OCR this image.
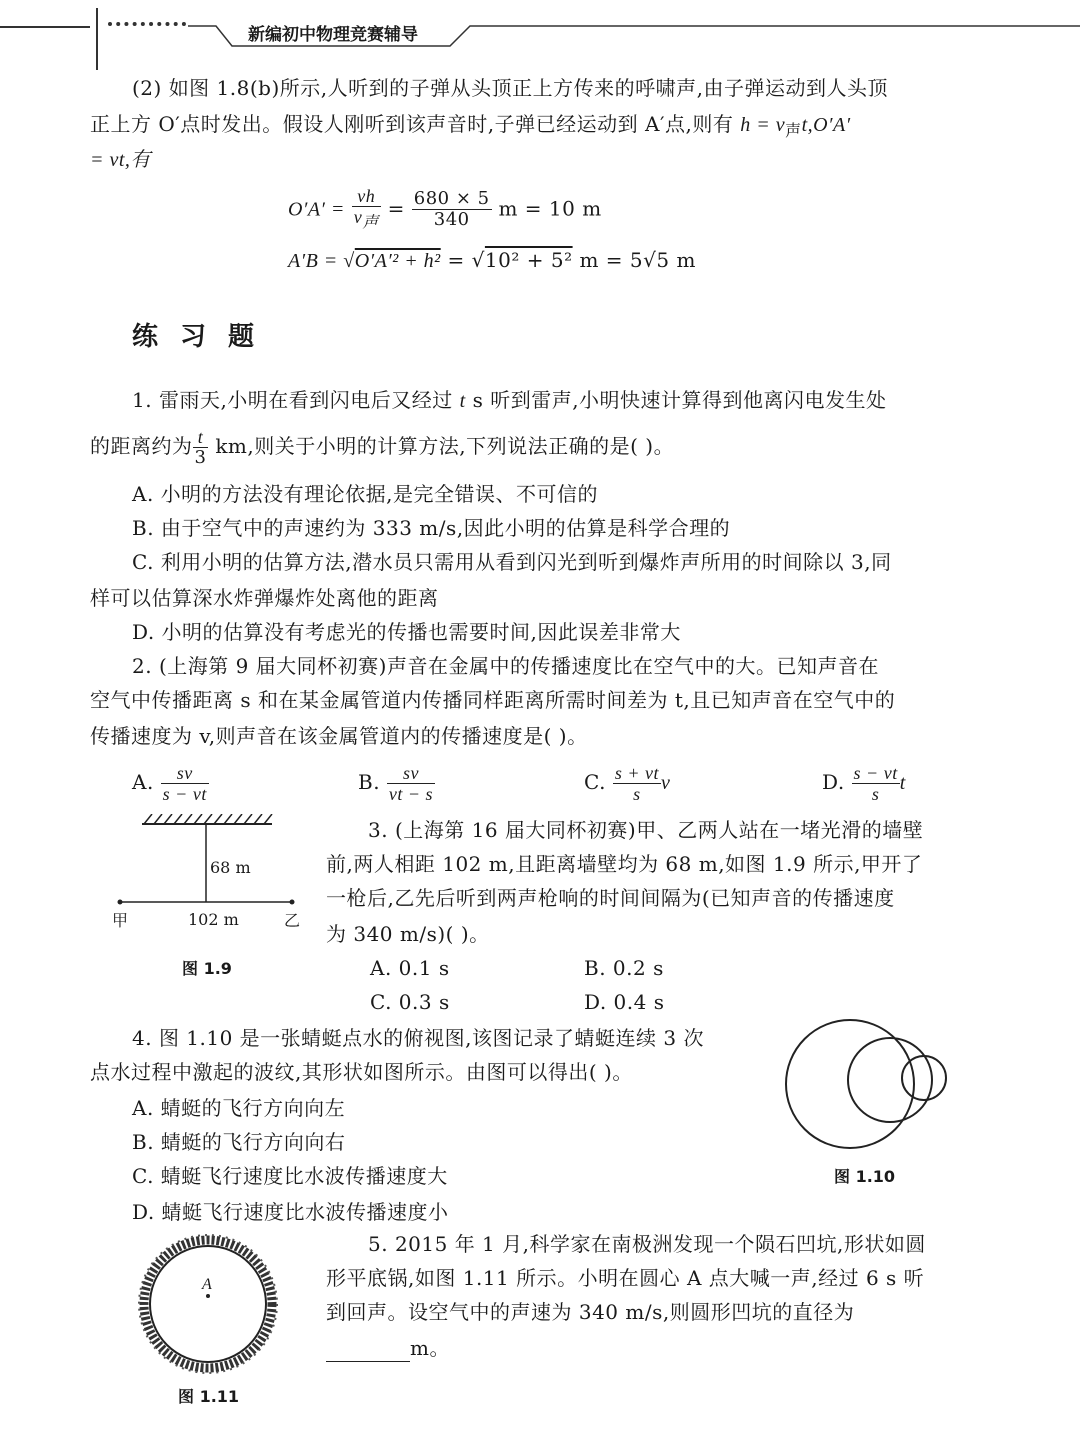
新编初中物理竞赛辅导
(2) 如图 1.8(b)所示,人听到的子弹从头顶正上方传来的呼啸声,由子弹运动到人头顶
正上方 O′点时发出。假设人刚听到该声音时,子弹已经运动到 A′点,则有 $h = v_声t,O'A'$
= vt,有
$O'A' = \frac{vh}{v_声} = \frac{680 \times 5}{340}$ m = 10 m
A′B = √O′A′² + h² = √10² + 5² m = 5√5 m
练习题
1. 雷雨天,小明在看到闪电后又经过 t s 听到雷声,小明快速计算得到他离闪电发生处
的距离约为 $\frac{t}{3}$ km,则关于小明的计算方法,下列说法正确的是( )。
A. 小明的方法没有理论依据,是完全错误、不可信的
B. 由于空气中的声速约为 333 m/s,因此小明的估算是科学合理的
C. 利用小明的估算方法,潜水员只需用从看到闪光到听到爆炸声所用的时间除以 3,同
样可以估算深水炸弹爆炸处离他的距离
D. 小明的估算没有考虑光的传播也需要时间,因此误差非常大
2. (上海第 9 届大同杯初赛)声音在金属中的传播速度比在空气中的大。已知声音在
空气中传播距离 s 和在某金属管道内传播同样距离所需时间差为 t,且已知声音在空气中的
传播速度为 v,则声音在该金属管道内的传播速度是( )。
A. $\frac{sv}{s - vt}$	B. $\frac{sv}{vt - s}$	C. $\frac{s + vt}{s}$ v	D. $\frac{s - vt}{s}$ t
68 m
甲	102 m	乙
图 1.9
3. (上海第 16 届大同杯初赛)甲、乙两人站在一堵光滑的墙壁
前,两人相距 102 m,且距离墙壁均为 68 m,如图 1.9 所示,甲开了
一枪后,乙先后听到两声枪响的时间间隔为(已知声音的传播速度
为 340 m/s)( )。
A. 0.1 s	B. 0.2 s
C. 0.3 s	D. 0.4 s
4. 图 1.10 是一张蜻蜓点水的俯视图,该图记录了蜻蜓连续 3 次
点水过程中激起的波纹,其形状如图所示。由图可以得出( )。
A. 蜻蜓的飞行方向向左
B. 蜻蜓的飞行方向向右
C. 蜻蜓飞行速度比水波传播速度大
D. 蜻蜓飞行速度比水波传播速度小
图 1.10
A
图 1.11
5. 2015 年 1 月,科学家在南极洲发现一个陨石凹坑,形状如圆
形平底锅,如图 1.11 所示。小明在圆心 A 点大喊一声,经过 6 s 听
到回声。设空气中的声速为 340 m/s,则圆形凹坑的直径为
m。
